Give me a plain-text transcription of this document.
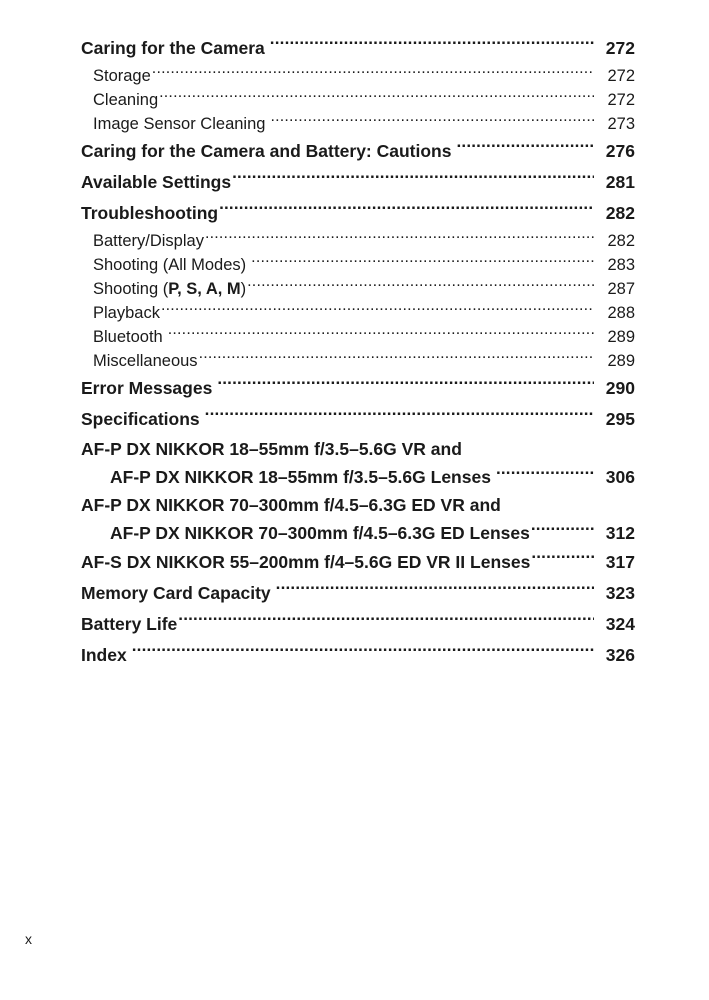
Caring for the Camera .....	272
Storage .....	272
Cleaning .....	272
Image Sensor Cleaning .....	273
Caring for the Camera and Battery: Cautions .....	276
Available Settings .....	281
Troubleshooting .....	282
Battery/Display .....	282
Shooting (All Modes) .....	283
Shooting (P, S, A, M) .....	287
Playback .....	288
Bluetooth .....	289
Miscellaneous .....	289
Error Messages .....	290
Specifications .....	295
AF-P DX NIKKOR 18–55mm f/3.5–5.6G VR and
AF-P DX NIKKOR 18–55mm f/3.5–5.6G Lenses .....	306
AF-P DX NIKKOR 70–300mm f/4.5–6.3G ED VR and
AF-P DX NIKKOR 70–300mm f/4.5–6.3G ED Lenses .....	312
AF-S DX NIKKOR 55–200mm f/4–5.6G ED VR II Lenses .....	317
Memory Card Capacity .....	323
Battery Life .....	324
Index .....	326
x
